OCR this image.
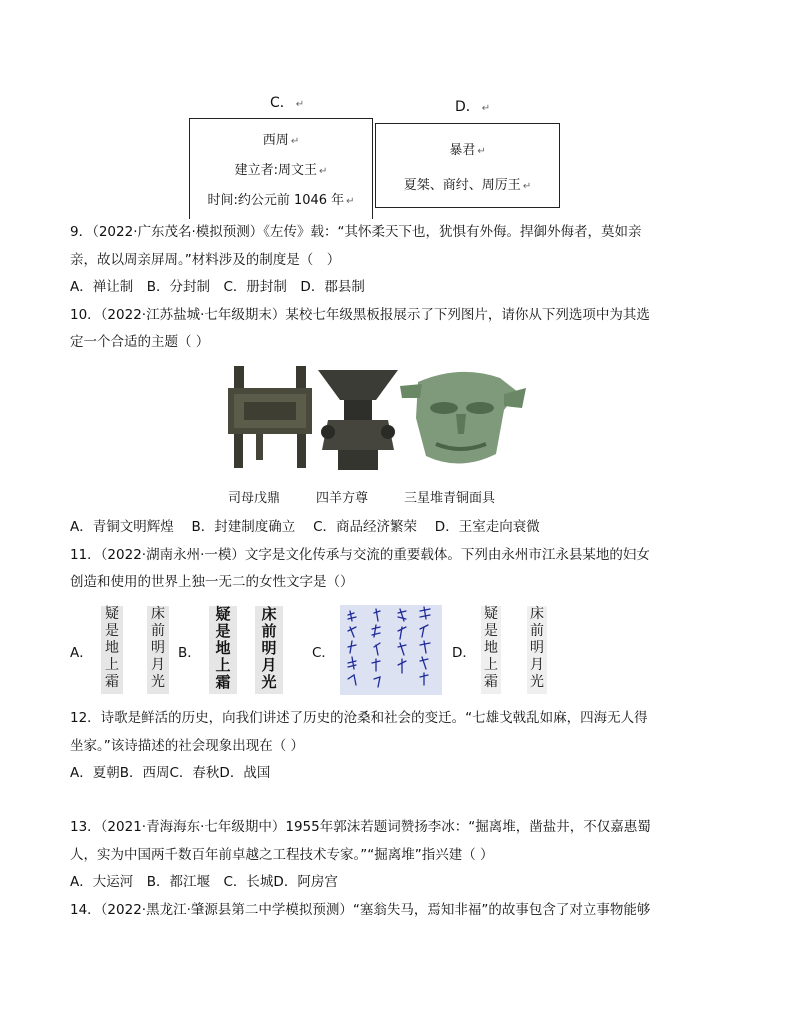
C． ↵	D． ↵
西周 ↵
建立者:周文王 ↵
时间:约公元前 1046 年 ↵
暴君 ↵
夏桀、商纣、周厉王 ↵
9．（2022·广东茂名·模拟预测）《左传》载：“其怀柔天下也，犹惧有外侮。捍御外侮者，莫如亲
亲，故以周亲屏周。”材料涉及的制度是（　）
A．禅让制　B．分封制　C．册封制　D．郡县制
10．（2022·江苏盐城·七年级期末）某校七年级黑板报展示了下列图片，请你从下列选项中为其选
定一个合适的主题（ ）
司母戊鼎	四羊方尊	三星堆青铜面具
A．青铜文明辉煌　 B．封建制度确立　 C．商品经济繁荣　 D．王室走向衰微
11．（2022·湖南永州·一模）文字是文化传承与交流的重要载体。下列由永州市江永县某地的妇女
创造和使用的世界上独一无二的女性文字是（）
A．
疑
是
地
上
霜
床
前
明
月
光
B．
疑
是
地
上
霜
床
前
明
月
光
C．	D．
疑
是
地
上
霜
床
前
明
月
光
12．诗歌是鲜活的历史，向我们讲述了历史的沧桑和社会的变迁。“七雄戈戟乱如麻，四海无人得
坐家。”该诗描述的社会现象出现在（ ）
A．夏朝B．西周C．春秋D．战国
13．（2021·青海海东·七年级期中）1955年郭沫若题词赞扬李冰：“掘离堆，凿盐井，不仅嘉惠蜀
人，实为中国两千数百年前卓越之工程技术专家。”“掘离堆”指兴建（ ）
A．大运河　B．都江堰　C．长城D．阿房宫
14．（2022·黑龙江·肇源县第二中学模拟预测）“塞翁失马，焉知非福”的故事包含了对立事物能够
